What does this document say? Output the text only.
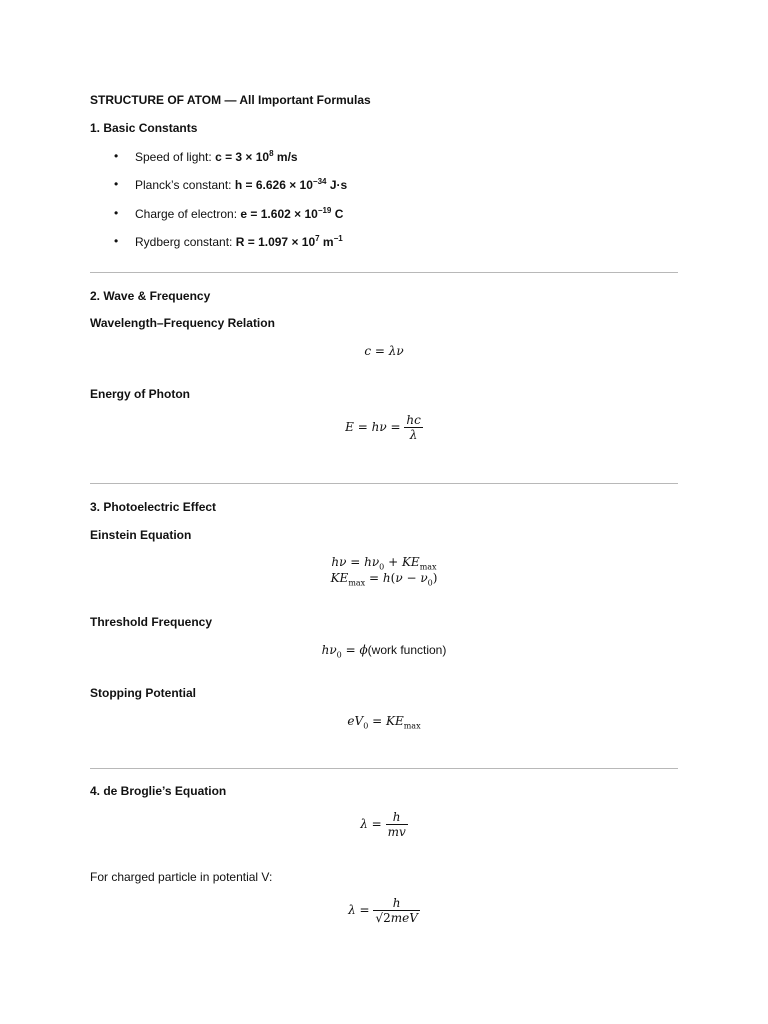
STRUCTURE OF ATOM — All Important Formulas
1. Basic Constants
• Speed of light: $c = 3 \times 10^8$ m/s
• Planck’s constant: $h = 6.626 \times 10^{-34}$ J·s
• Charge of electron: $e = 1.602 \times 10^{-19}$ C
• Rydberg constant: $R = 1.097 \times 10^7$ $m^{-1}$
2. Wave & Frequency
Wavelength–Frequency Relation
c = λν
Energy of Photon
$E = h\nu = \frac{hc}{\lambda}$
3. Photoelectric Effect
Einstein Equation
$h\nu = h\nu_0 + KE_{max}$
$KE_{max} = h(\nu - \nu_0)$
Threshold Frequency
$h\nu_0$ = ϕ(work function)
Stopping Potential
$eV_0 = KE_{max}$
4. de Broglie’s Equation
$\lambda = \frac{h}{mv}$
For charged particle in potential V:
$\lambda = \frac{h}{\text{√2meV}}$
